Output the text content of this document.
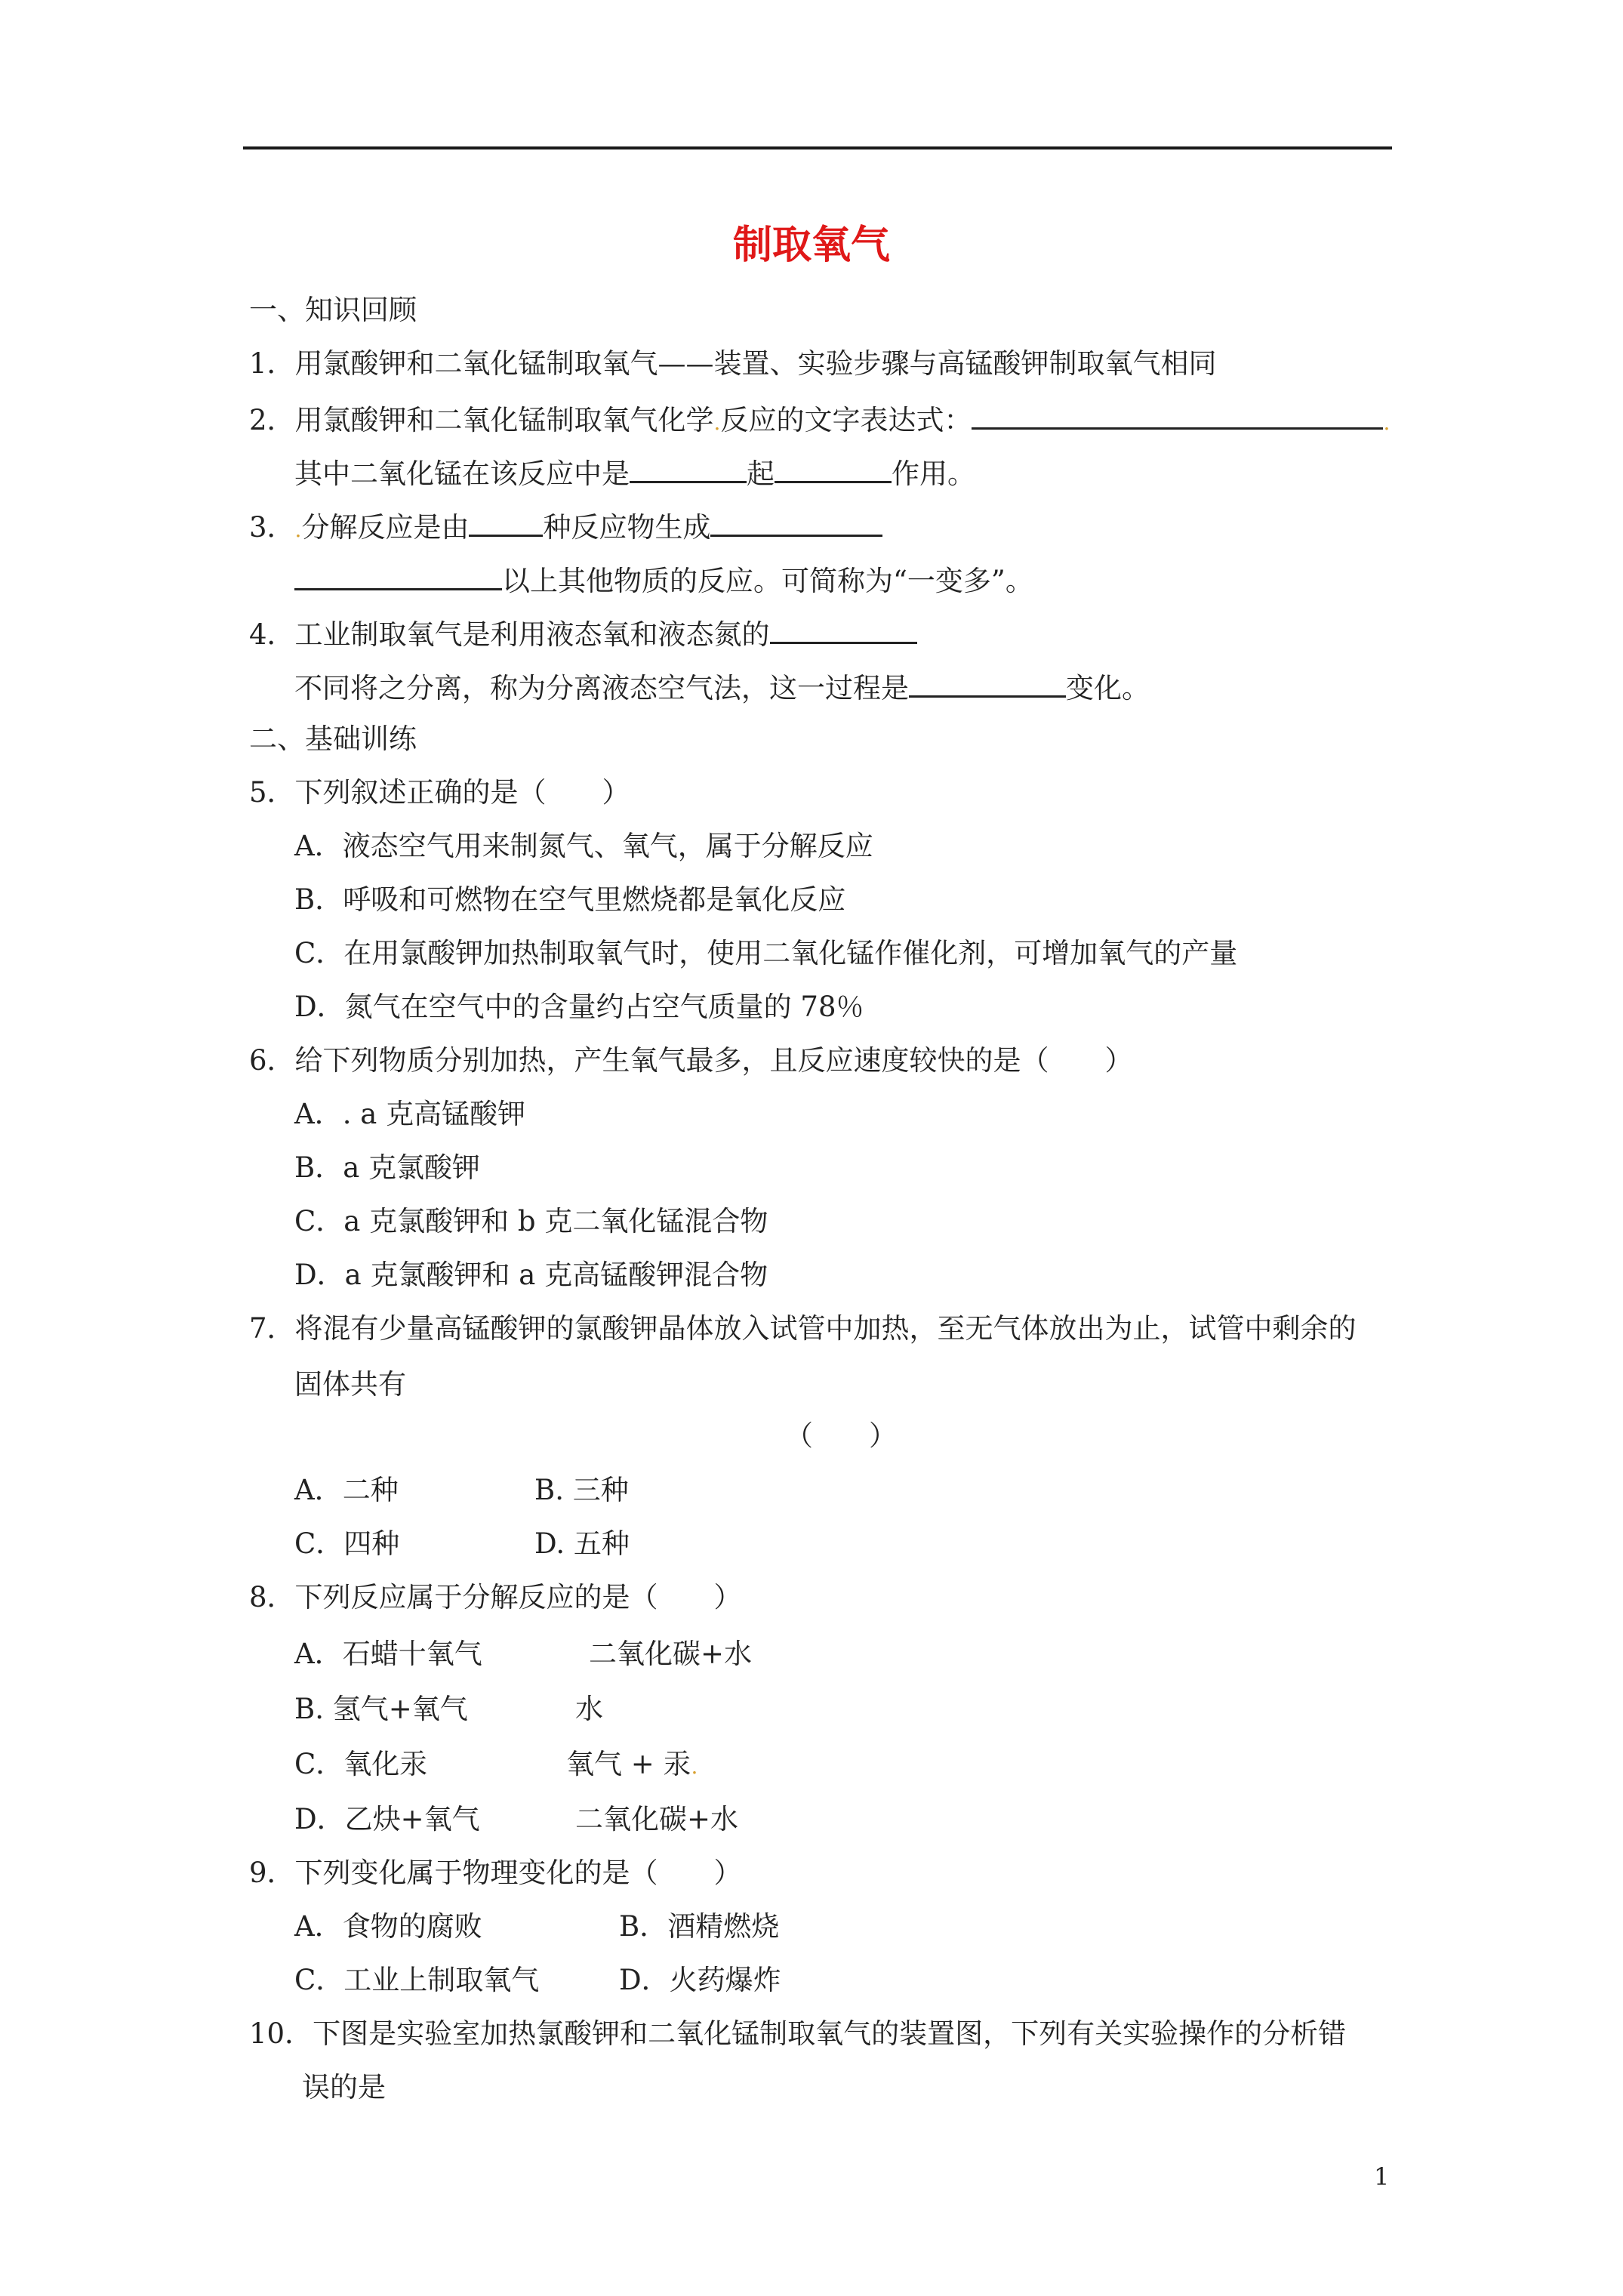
制取氧气
一、知识回顾
1．用氯酸钾和二氧化锰制取氧气——装置、实验步骤与高锰酸钾制取氧气相同
2．用氯酸钾和二氧化锰制取氧气化学.反应的文字表达式：	.
其中二氧化锰在该反应中是	起	作用。
3．.分解反应是由	种反应物生成
以上其他物质的反应。可简称为“一变多”。
4．工业制取氧气是利用液态氧和液态氮的
不同将之分离，称为分离液态空气法，这一过程是	变化。
二、基础训练
5．下列叙述正确的是（　　）
A．液态空气用来制氮气、氧气，属于分解反应
B．呼吸和可燃物在空气里燃烧都是氧化反应
C．在用氯酸钾加热制取氧气时，使用二氧化锰作催化剂，可增加氧气的产量
D．氮气在空气中的含量约占空气质量的 78％
6．给下列物质分别加热，产生氧气最多，且反应速度较快的是（　　）
A．. a 克高锰酸钾
B．a 克氯酸钾
C．a 克氯酸钾和 b 克二氧化锰混合物
D．a 克氯酸钾和 a 克高锰酸钾混合物
7．将混有少量高锰酸钾的氯酸钾晶体放入试管中加热，至无气体放出为止，试管中剩余的
固体共有
（　　）
A．二种	B. 三种
C．四种	D. 五种
8．下列反应属于分解反应的是（　　）
A．石蜡十氧气	二氧化碳+水
B. 氢气+氧气	水
C．氧化汞	氧气 + 汞.
D．乙炔+氧气	二氧化碳+水
9．下列变化属于物理变化的是（　　）
A．食物的腐败	B．酒精燃烧
C．工业上制取氧气	D．火药爆炸
10．下图是实验室加热氯酸钾和二氧化锰制取氧气的装置图，下列有关实验操作的分析错
误的是
1
